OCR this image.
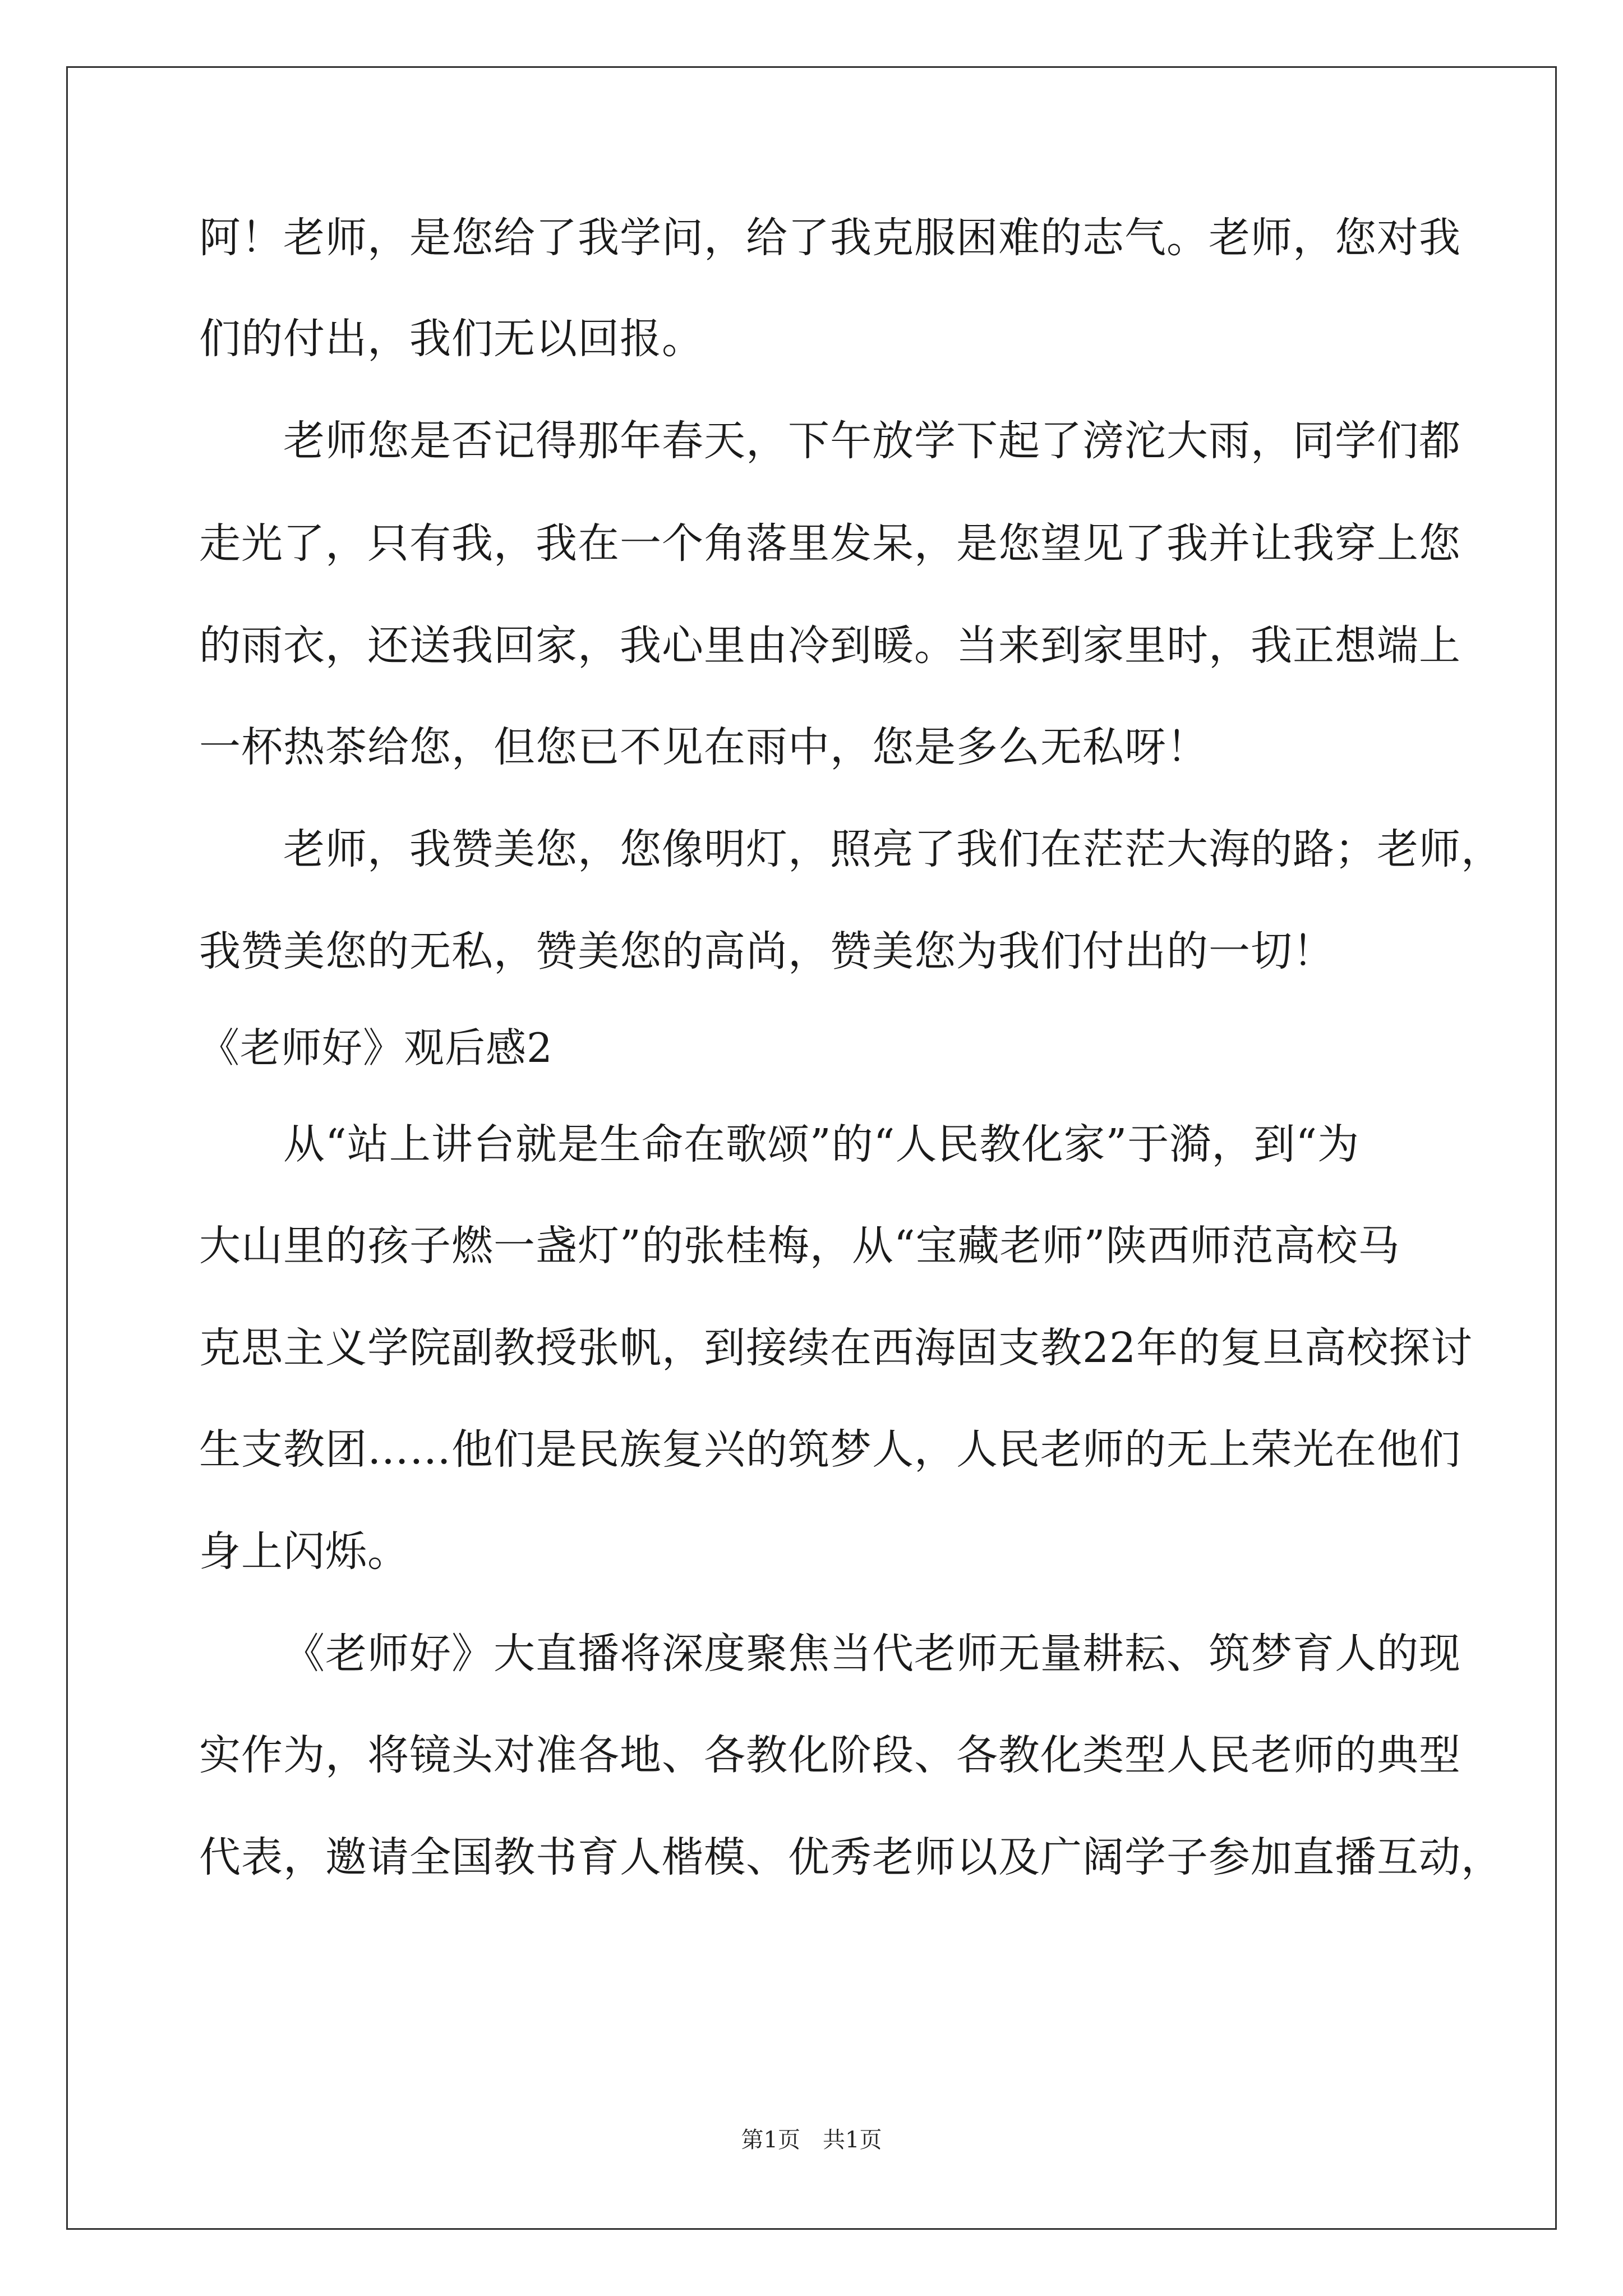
阿！老师，是您给了我学问，给了我克服困难的志气。老师，您对我
们的付出，我们无以回报。
老师您是否记得那年春天，下午放学下起了滂沱大雨，同学们都
走光了，只有我，我在一个角落里发呆，是您望见了我并让我穿上您
的雨衣，还送我回家，我心里由冷到暖。当来到家里时，我正想端上
一杯热茶给您，但您已不见在雨中，您是多么无私呀！
老师，我赞美您，您像明灯，照亮了我们在茫茫大海的路；老师，
我赞美您的无私，赞美您的高尚，赞美您为我们付出的一切！
《老师好》观后感2
从“站上讲台就是生命在歌颂”的“人民教化家”于漪，到“为
大山里的孩子燃一盏灯”的张桂梅，从“宝藏老师”陕西师范高校马
克思主义学院副教授张帆，到接续在西海固支教22年的复旦高校探讨
生支教团……他们是民族复兴的筑梦人，人民老师的无上荣光在他们
身上闪烁。
《老师好》大直播将深度聚焦当代老师无量耕耘、筑梦育人的现
实作为，将镜头对准各地、各教化阶段、各教化类型人民老师的典型
代表，邀请全国教书育人楷模、优秀老师以及广阔学子参加直播互动，
第1页　共1页
